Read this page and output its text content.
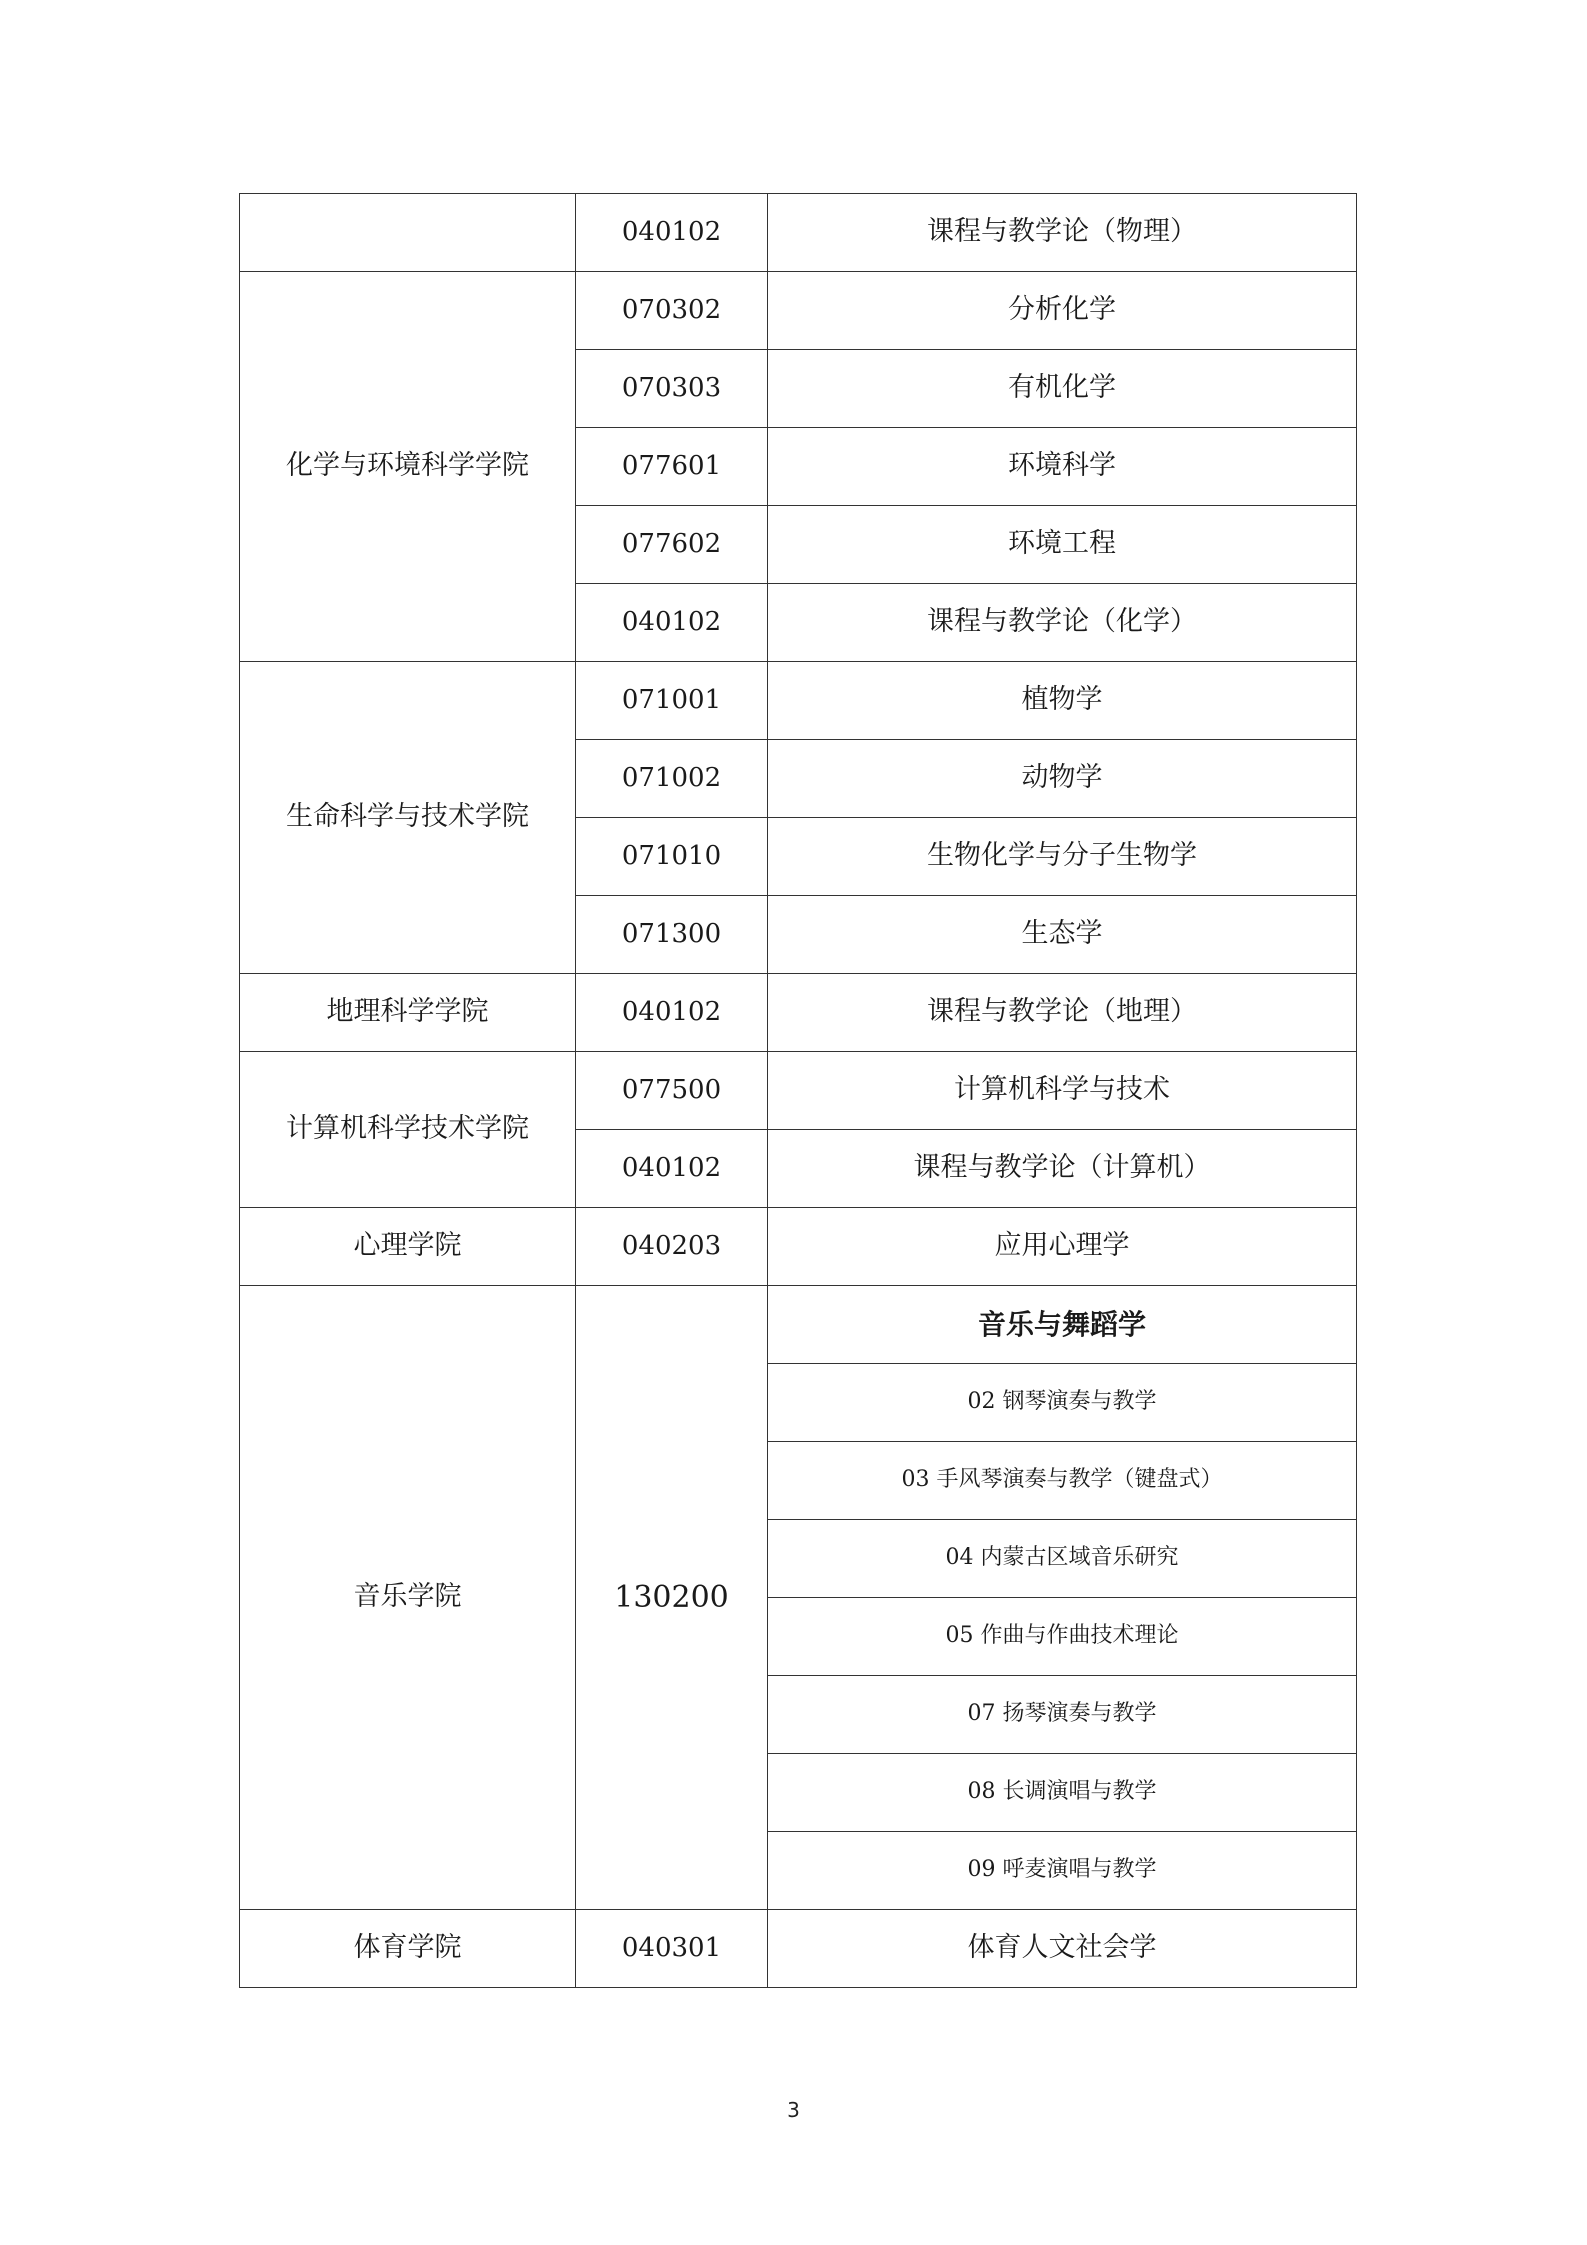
	040102	课程与教学论（物理）
化学与环境科学学院	070302	分析化学
	070303	有机化学
	077601	环境科学
	077602	环境工程
	040102	课程与教学论（化学）
生命科学与技术学院	071001	植物学
	071002	动物学
	071010	生物化学与分子生物学
	071300	生态学
地理科学学院	040102	课程与教学论（地理）
计算机科学技术学院	077500	计算机科学与技术
	040102	课程与教学论（计算机）
心理学院	040203	应用心理学
音乐学院	130200	音乐与舞蹈学
		02 钢琴演奏与教学
		03 手风琴演奏与教学（键盘式）
		04 内蒙古区域音乐研究
		05 作曲与作曲技术理论
		07 扬琴演奏与教学
		08 长调演唱与教学
		09 呼麦演唱与教学
体育学院	040301	体育人文社会学
3
